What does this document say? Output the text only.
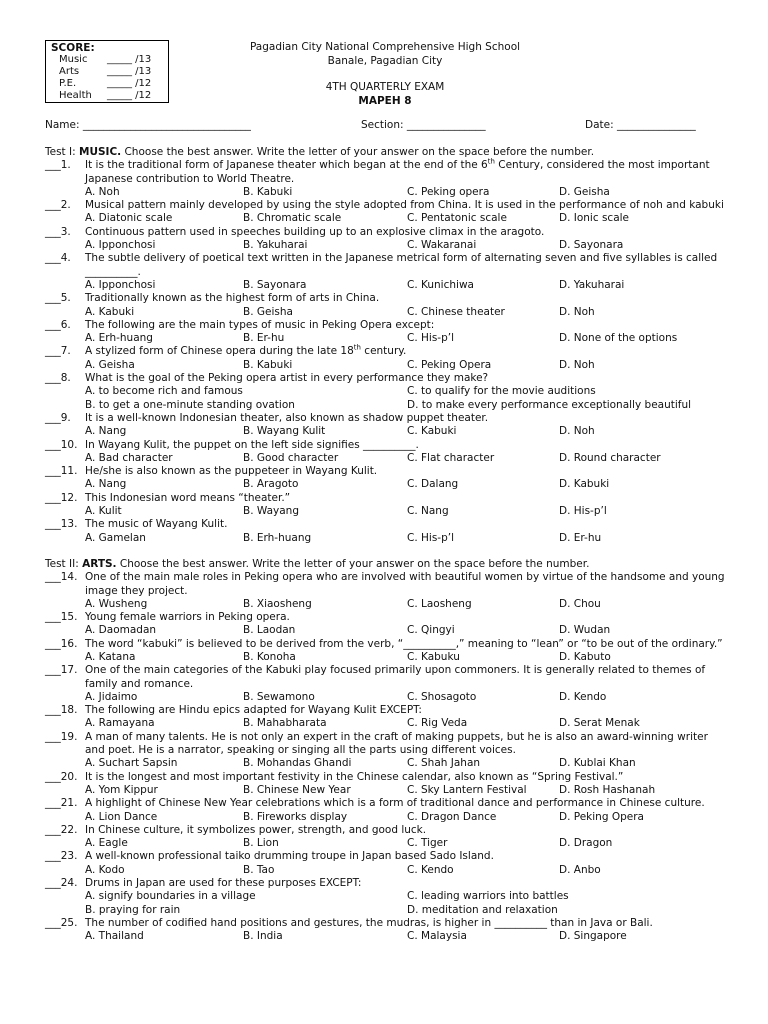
SCORE:
Music	_____ /13
Arts	_____ /13
P.E.	_____ /12
Health	_____ /12
Pagadian City National Comprehensive High School
Banale, Pagadian City
4TH QUARTERLY EXAM
MAPEH 8
Name: ________________________________	Section: _______________	Date: _______________
Test I: MUSIC. Choose the best answer. Write the letter of your answer on the space before the number.
___1. It is the traditional form of Japanese theater which began at the end of the 6th Century, considered the most important Japanese contribution to World Theatre.
A. Noh	B. Kabuki	C. Peking opera	D. Geisha
___2. Musical pattern mainly developed by using the style adopted from China. It is used in the performance of noh and kabuki
A. Diatonic scale	B. Chromatic scale	C. Pentatonic scale	D. Ionic scale
___3. Continuous pattern used in speeches building up to an explosive climax in the aragoto.
A. Ipponchosi	B. Yakuharai	C. Wakaranai	D. Sayonara
___4. The subtle delivery of poetical text written in the Japanese metrical form of alternating seven and five syllables is called __________.
A. Ipponchosi	B. Sayonara	C. Kunichiwa	D. Yakuharai
___5. Traditionally known as the highest form of arts in China.
A. Kabuki	B. Geisha	C. Chinese theater	D. Noh
___6. The following are the main types of music in Peking Opera except:
A. Erh-huang	B. Er-hu	C. His-p’l	D. None of the options
___7. A stylized form of Chinese opera during the late 18th century.
A. Geisha	B. Kabuki	C. Peking Opera	D. Noh
___8. What is the goal of the Peking opera artist in every performance they make?
A. to become rich and famous	C. to qualify for the movie auditions
B. to get a one-minute standing ovation	D. to make every performance exceptionally beautiful
___9. It is a well-known Indonesian theater, also known as shadow puppet theater.
A. Nang	B. Wayang Kulit	C. Kabuki	D. Noh
___10. In Wayang Kulit, the puppet on the left side signifies __________.
A. Bad character	B. Good character	C. Flat character	D. Round character
___11. He/she is also known as the puppeteer in Wayang Kulit.
A. Nang	B. Aragoto	C. Dalang	D. Kabuki
___12. This Indonesian word means “theater.”
A. Kulit	B. Wayang	C. Nang	D. His-p’l
___13. The music of Wayang Kulit.
A. Gamelan	B. Erh-huang	C. His-p’l	D. Er-hu
Test II: ARTS. Choose the best answer. Write the letter of your answer on the space before the number.
___14. One of the main male roles in Peking opera who are involved with beautiful women by virtue of the handsome and young image they project.
A. Wusheng	B. Xiaosheng	C. Laosheng	D. Chou
___15. Young female warriors in Peking opera.
A. Daomadan	B. Laodan	C. Qingyi	D. Wudan
___16. The word “kabuki” is believed to be derived from the verb, “__________,” meaning to “lean” or “to be out of the ordinary.”
A. Katana	B. Konoha	C. Kabuku	D. Kabuto
___17. One of the main categories of the Kabuki play focused primarily upon commoners. It is generally related to themes of family and romance.
A. Jidaimo	B. Sewamono	C. Shosagoto	D. Kendo
___18. The following are Hindu epics adapted for Wayang Kulit EXCEPT:
A. Ramayana	B. Mahabharata	C. Rig Veda	D. Serat Menak
___19. A man of many talents. He is not only an expert in the craft of making puppets, but he is also an award-winning writer and poet. He is a narrator, speaking or singing all the parts using different voices.
A. Suchart Sapsin	B. Mohandas Ghandi	C. Shah Jahan	D. Kublai Khan
___20. It is the longest and most important festivity in the Chinese calendar, also known as “Spring Festival.”
A. Yom Kippur	B. Chinese New Year	C. Sky Lantern Festival	D. Rosh Hashanah
___21. A highlight of Chinese New Year celebrations which is a form of traditional dance and performance in Chinese culture.
A. Lion Dance	B. Fireworks display	C. Dragon Dance	D. Peking Opera
___22. In Chinese culture, it symbolizes power, strength, and good luck.
A. Eagle	B. Lion	C. Tiger	D. Dragon
___23. A well-known professional taiko drumming troupe in Japan based Sado Island.
A. Kodo	B. Tao	C. Kendo	D. Anbo
___24. Drums in Japan are used for these purposes EXCEPT:
A. signify boundaries in a village	C. leading warriors into battles
B. praying for rain	D. meditation and relaxation
___25. The number of codified hand positions and gestures, the mudras, is higher in __________ than in Java or Bali.
A. Thailand	B. India	C. Malaysia	D. Singapore
